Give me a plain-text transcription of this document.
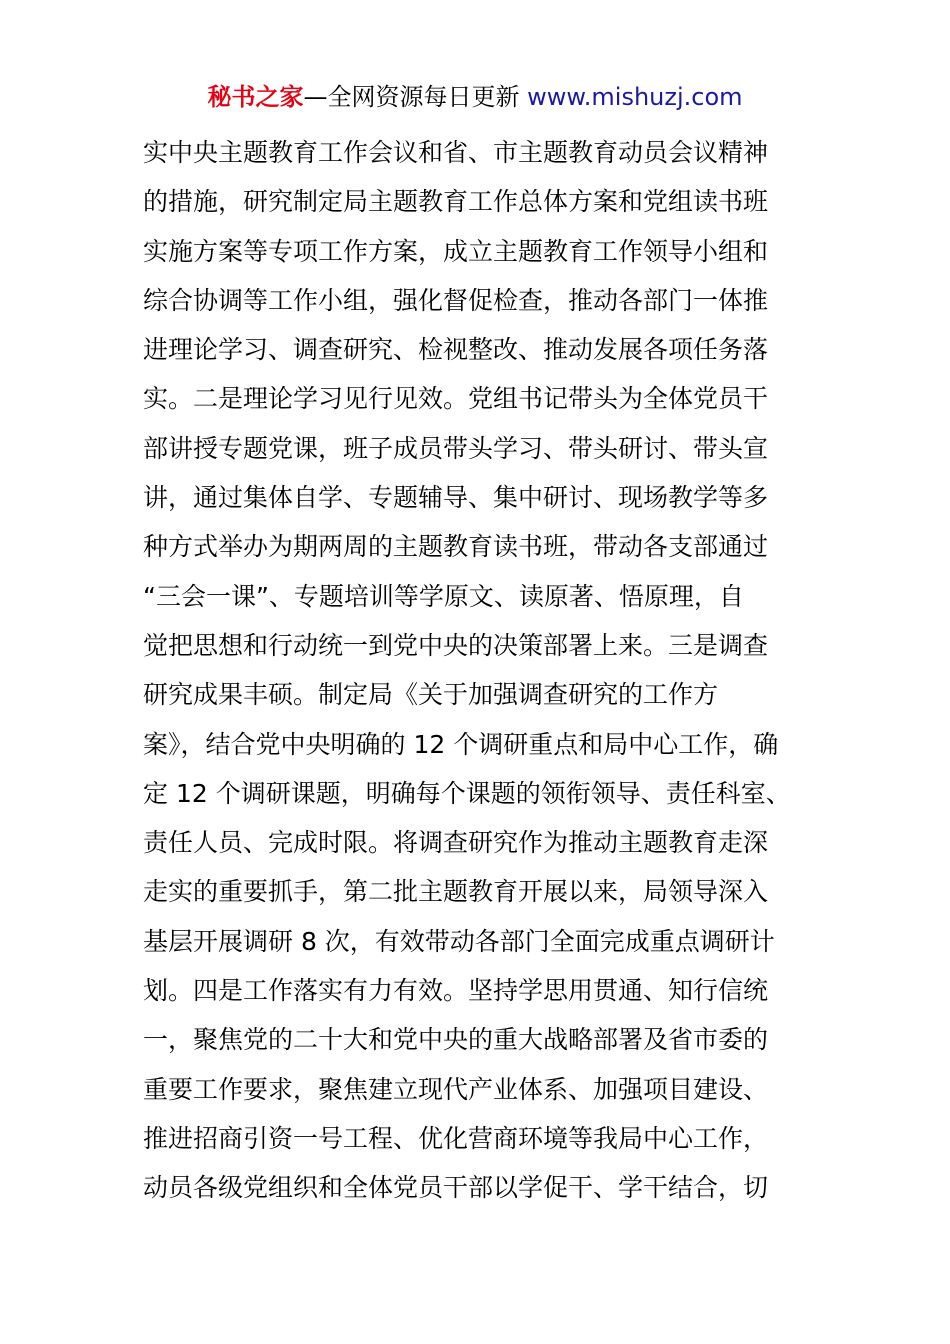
秘书之家—全网资源每日更新 www.mishuzj.com
实中央主题教育工作会议和省、市主题教育动员会议精神
的措施，研究制定局主题教育工作总体方案和党组读书班
实施方案等专项工作方案，成立主题教育工作领导小组和
综合协调等工作小组，强化督促检查，推动各部门一体推
进理论学习、调查研究、检视整改、推动发展各项任务落
实。二是理论学习见行见效。党组书记带头为全体党员干
部讲授专题党课，班子成员带头学习、带头研讨、带头宣
讲，通过集体自学、专题辅导、集中研讨、现场教学等多
种方式举办为期两周的主题教育读书班，带动各支部通过
“三会一课”、专题培训等学原文、读原著、悟原理，自
觉把思想和行动统一到党中央的决策部署上来。三是调查
研究成果丰硕。制定局《关于加强调查研究的工作方
案》，结合党中央明确的 12 个调研重点和局中心工作，确
定 12 个调研课题，明确每个课题的领衔领导、责任科室、
责任人员、完成时限。将调查研究作为推动主题教育走深
走实的重要抓手，第二批主题教育开展以来，局领导深入
基层开展调研 8 次，有效带动各部门全面完成重点调研计
划。四是工作落实有力有效。坚持学思用贯通、知行信统
一，聚焦党的二十大和党中央的重大战略部署及省市委的
重要工作要求，聚焦建立现代产业体系、加强项目建设、
推进招商引资一号工程、优化营商环境等我局中心工作，
动员各级党组织和全体党员干部以学促干、学干结合，切
